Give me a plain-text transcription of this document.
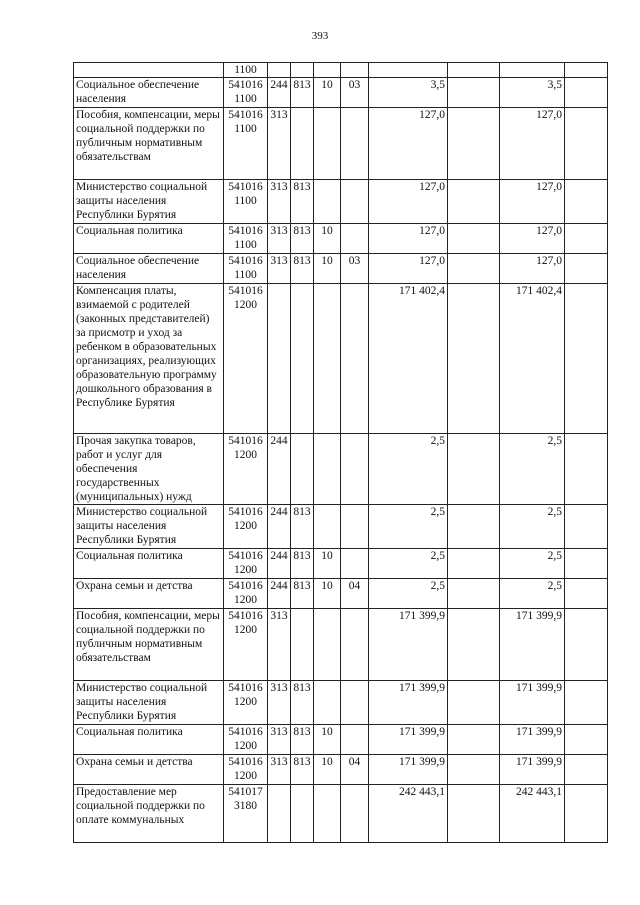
393
	1100								
Социальное обеспечение населения	541016 1100	244	813	10	03	3,5		3,5	
Пособия, компенсации, меры социальной поддержки по публичным нормативным обязательствам	541016 1100	313				127,0		127,0	
Министерство социальной защиты населения Республики Бурятия	541016 1100	313	813			127,0		127,0	
Социальная политика	541016 1100	313	813	10		127,0		127,0	
Социальное обеспечение населения	541016 1100	313	813	10	03	127,0		127,0	
Компенсация платы, взимаемой с родителей (законных представителей) за присмотр и уход за ребенком в образовательных организациях, реализующих образовательную программу дошкольного образования в Республике Бурятия	541016 1200					171 402,4		171 402,4	
Прочая закупка товаров, работ и услуг для обеспечения государственных (муниципальных) нужд	541016 1200	244				2,5		2,5	
Министерство социальной защиты населения Республики Бурятия	541016 1200	244	813			2,5		2,5	
Социальная политика	541016 1200	244	813	10		2,5		2,5	
Охрана семьи и детства	541016 1200	244	813	10	04	2,5		2,5	
Пособия, компенсации, меры социальной поддержки по публичным нормативным обязательствам	541016 1200	313				171 399,9		171 399,9	
Министерство социальной защиты населения Республики Бурятия	541016 1200	313	813			171 399,9		171 399,9	
Социальная политика	541016 1200	313	813	10		171 399,9		171 399,9	
Охрана семьи и детства	541016 1200	313	813	10	04	171 399,9		171 399,9	
Предоставление мер социальной поддержки по оплате коммунальных	541017 3180					242 443,1		242 443,1	
